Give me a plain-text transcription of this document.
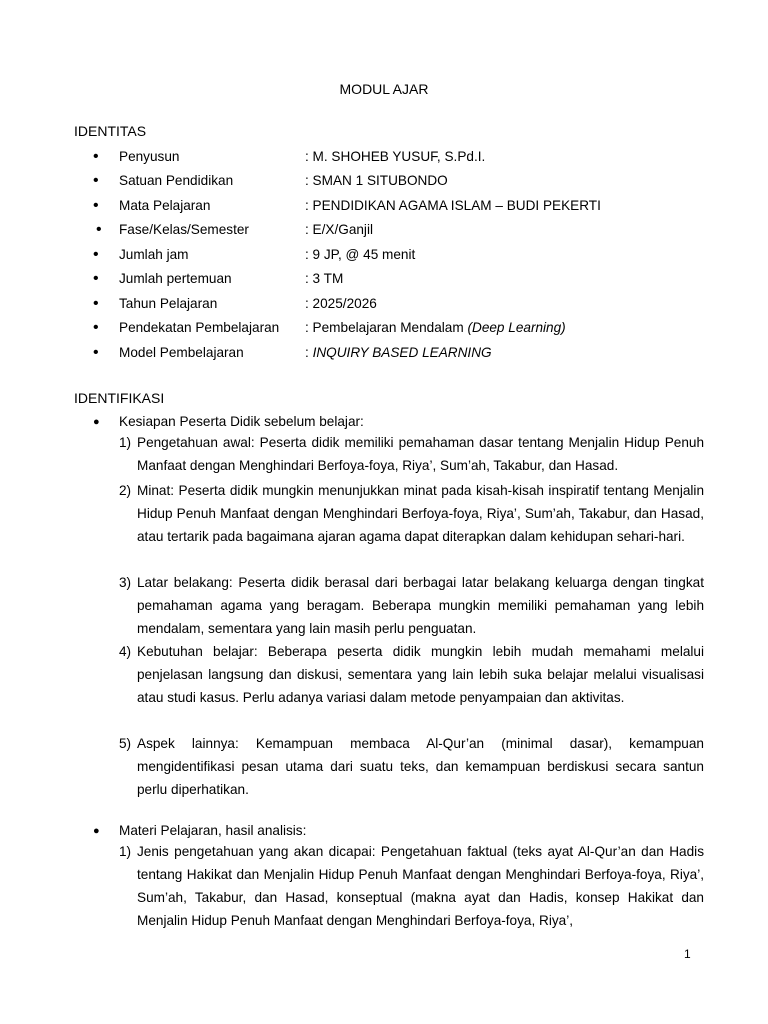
MODUL AJAR
IDENTITAS
• Penyusun	: M. SHOHEB YUSUF, S.Pd.I.
• Satuan Pendidikan	: SMAN 1 SITUBONDO
• Mata Pelajaran	: PENDIDIKAN AGAMA ISLAM – BUDI PEKERTI
• Fase/Kelas/Semester	: E/X/Ganjil
• Jumlah jam	: 9 JP, @ 45 menit
• Jumlah pertemuan	: 3 TM
• Tahun Pelajaran	: 2025/2026
• Pendekatan Pembelajaran : Pembelajaran Mendalam (Deep Learning)
• Model Pembelajaran	: INQUIRY BASED LEARNING
IDENTIFIKASI
● Kesiapan Peserta Didik sebelum belajar:
1) Pengetahuan awal: Peserta didik memiliki pemahaman dasar tentang Menjalin Hidup Penuh Manfaat dengan Menghindari Berfoya-foya, Riya’, Sum’ah, Takabur, dan Hasad.
2) Minat: Peserta didik mungkin menunjukkan minat pada kisah-kisah inspiratif tentang Menjalin Hidup Penuh Manfaat dengan Menghindari Berfoya-foya, Riya’, Sum’ah, Takabur, dan Hasad, atau tertarik pada bagaimana ajaran agama dapat diterapkan dalam kehidupan sehari-hari.
3) Latar belakang: Peserta didik berasal dari berbagai latar belakang keluarga dengan tingkat pemahaman agama yang beragam. Beberapa mungkin memiliki pemahaman yang lebih mendalam, sementara yang lain masih perlu penguatan.
4) Kebutuhan belajar: Beberapa peserta didik mungkin lebih mudah memahami melalui penjelasan langsung dan diskusi, sementara yang lain lebih suka belajar melalui visualisasi atau studi kasus. Perlu adanya variasi dalam metode penyampaian dan aktivitas.
5) Aspek lainnya: Kemampuan membaca Al-Qur’an (minimal dasar), kemampuan mengidentifikasi pesan utama dari suatu teks, dan kemampuan berdiskusi secara santun perlu diperhatikan.
● Materi Pelajaran, hasil analisis:
1) Jenis pengetahuan yang akan dicapai: Pengetahuan faktual (teks ayat Al-Qur’an dan Hadis tentang Hakikat dan Menjalin Hidup Penuh Manfaat dengan Menghindari Berfoya-foya, Riya’, Sum’ah, Takabur, dan Hasad, konseptual (makna ayat dan Hadis, konsep Hakikat dan Menjalin Hidup Penuh Manfaat dengan Menghindari Berfoya-foya, Riya’,
1
